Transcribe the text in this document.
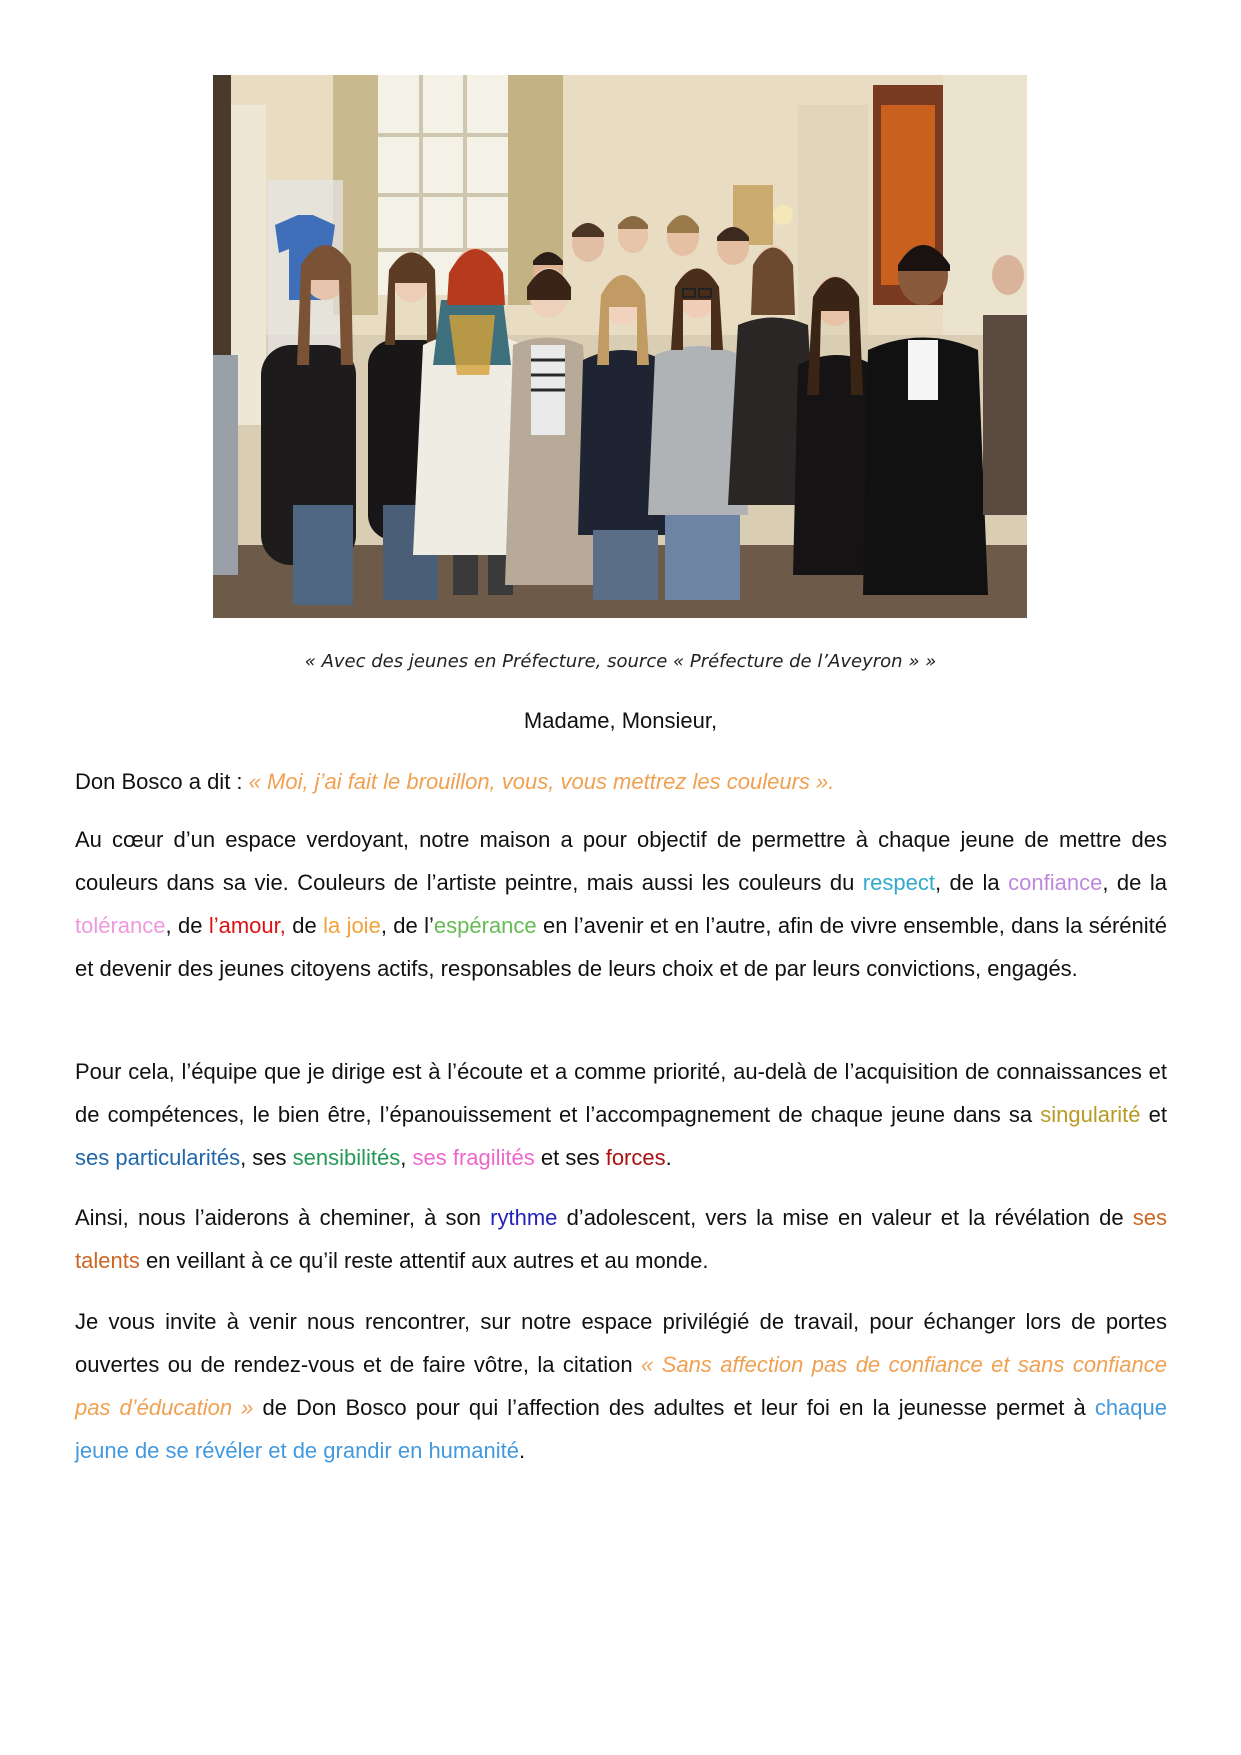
« Avec des jeunes en Préfecture, source « Préfecture de l’Aveyron » »
Madame, Monsieur,

Don Bosco a dit : « Moi, j’ai fait le brouillon, vous, vous mettrez les couleurs ».

Au cœur d’un espace verdoyant, notre maison a pour objectif de permettre à chaque jeune de mettre des couleurs dans sa vie. Couleurs de l’artiste peintre, mais aussi les couleurs du respect, de la confiance, de la tolérance, de l’amour, de la joie, de l’espérance en l’avenir et en l’autre, afin de vivre ensemble, dans la sérénité et devenir des jeunes citoyens actifs, responsables de leurs choix et de par leurs convictions, engagés.

Pour cela, l’équipe que je dirige est à l’écoute et a comme priorité, au-delà de l’acquisition de connaissances et de compétences, le bien être, l’épanouissement et l’accompagnement de chaque jeune dans sa singularité et ses particularités, ses sensibilités, ses fragilités et ses forces.

Ainsi, nous l’aiderons à cheminer, à son rythme d’adolescent, vers la mise en valeur et la révélation de ses talents en veillant à ce qu’il reste attentif aux autres et au monde.

Je vous invite à venir nous rencontrer, sur notre espace privilégié de travail, pour échanger lors de portes ouvertes ou de rendez-vous et de faire vôtre, la citation « Sans affection pas de confiance et sans confiance pas d’éducation » de Don Bosco pour qui l’affection des adultes et leur foi en la jeunesse permet à chaque jeune de se révéler et de grandir en humanité.
